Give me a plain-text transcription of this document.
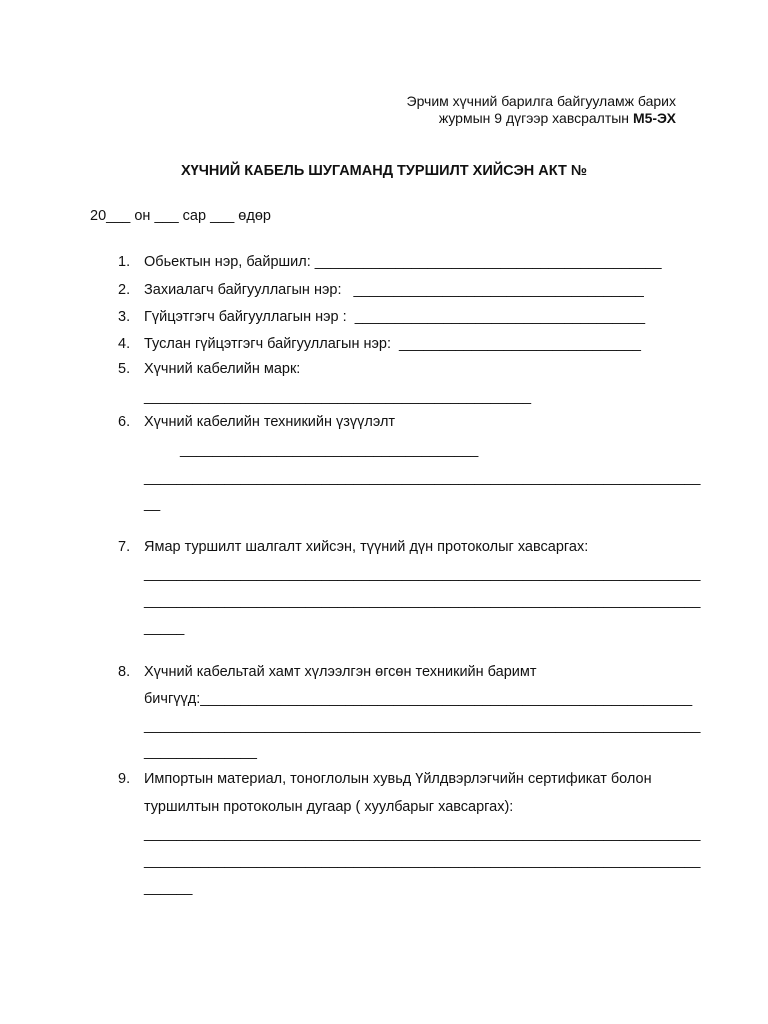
Эрчим хүчний барилга байгууламж барих
журмын 9 дүгээр хавсралтын М5-ЭХ
ХҮЧНИЙ КАБЕЛЬ ШУГАМАНД ТУРШИЛТ ХИЙСЭН АКТ №
20___ он ___ сар ___ өдөр
1. Обьектын нэр, байршил: ___________________________________________
2. Захиалагч байгууллагын нэр:   ____________________________________
3. Гүйцэтгэгч байгууллагын нэр :  ____________________________________
4. Туслан гүйцэтгэгч байгууллагын нэр:  ______________________________
5. Хүчний кабелийн марк:
________________________________________________
6. Хүчний кабелийн техникийн үзүүлэлт
_____________________________________
_____________________________________________________________________
__
7. Ямар туршилт шалгалт хийсэн, түүний дүн протоколыг хавсаргах:
_____________________________________________________________________
_____________________________________________________________________
_____
8. Хүчний кабельтай хамт хүлээлгэн өгсөн техникийн баримт
бичгүүд:_____________________________________________________________
_____________________________________________________________________
______________
9. Импортын материал, тоноглолын хувьд Үйлдвэрлэгчийн сертификат болон
туршилтын протоколын дугаар ( хуулбарыг хавсаргах):
_____________________________________________________________________
_____________________________________________________________________
______
